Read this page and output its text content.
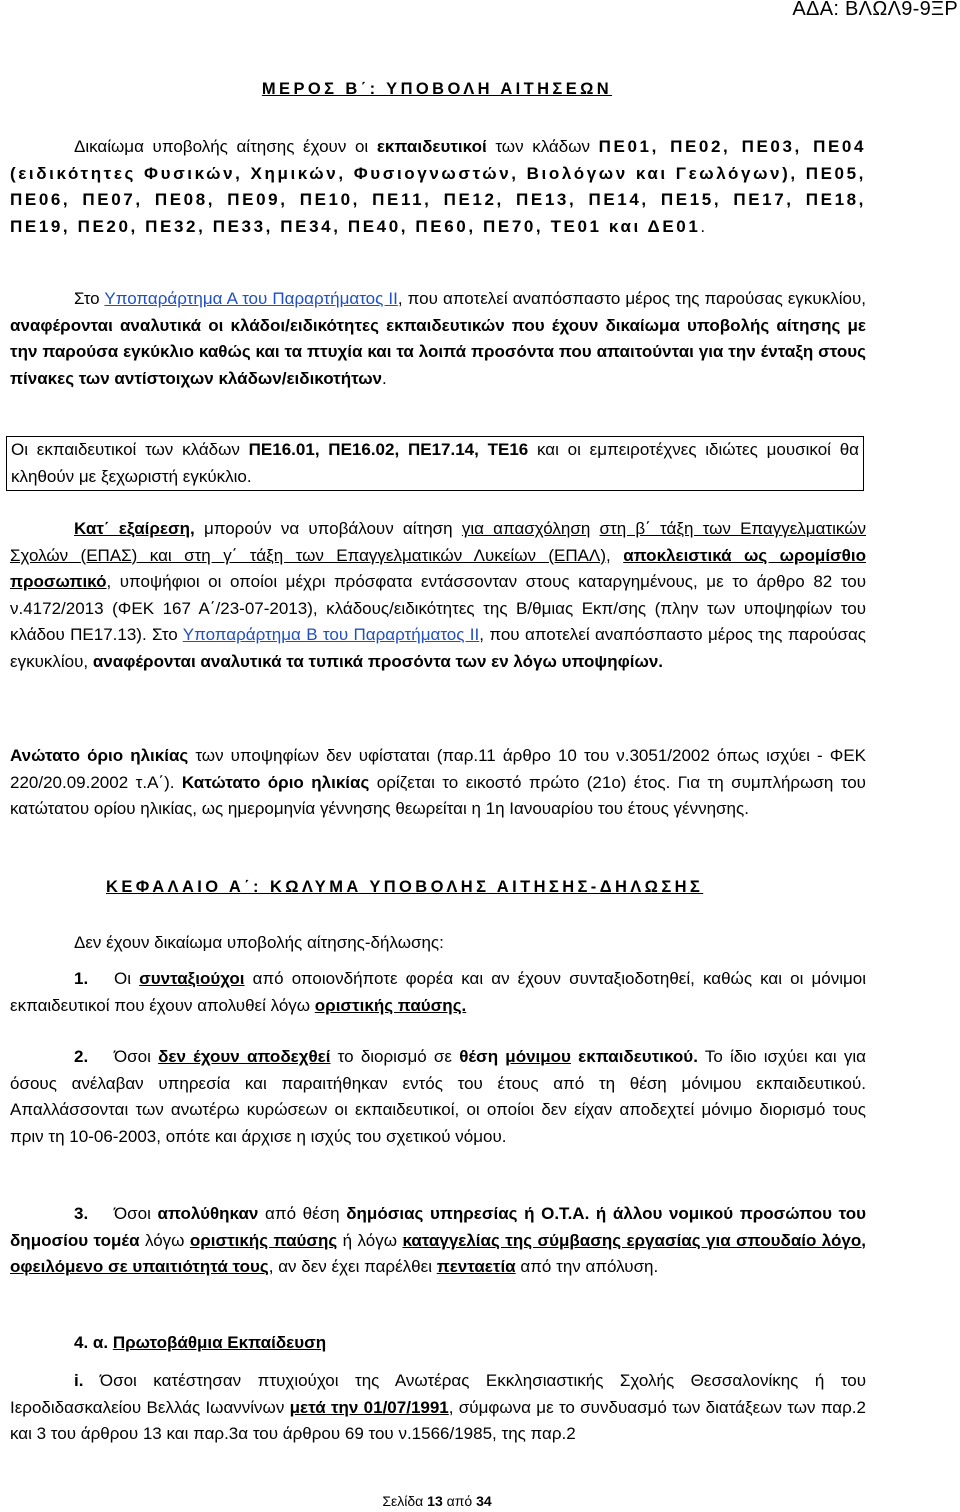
ΑΔΑ: ΒΛΩΛ9-9ΞΡ
ΜΕΡΟΣ Β΄: ΥΠΟΒΟΛΗ ΑΙΤΗΣΕΩΝ
Δικαίωμα υποβολής αίτησης έχουν οι εκπαιδευτικοί των κλάδων ΠΕ01, ΠΕ02, ΠΕ03, ΠΕ04 (ειδικότητες Φυσικών, Χημικών, Φυσιογνωστών, Βιολόγων και Γεωλόγων), ΠΕ05, ΠΕ06, ΠΕ07, ΠΕ08, ΠΕ09, ΠΕ10, ΠΕ11, ΠΕ12, ΠΕ13, ΠΕ14, ΠΕ15, ΠΕ17, ΠΕ18, ΠΕ19, ΠΕ20, ΠΕ32, ΠΕ33, ΠΕ34, ΠΕ40, ΠΕ60, ΠΕ70, ΤΕ01 και ΔΕ01.
Στο Υποπαράρτημα Α του Παραρτήματος ΙΙ, που αποτελεί αναπόσπαστο μέρος της παρούσας εγκυκλίου, αναφέρονται αναλυτικά οι κλάδοι/ειδικότητες εκπαιδευτικών που έχουν δικαίωμα υποβολής αίτησης με την παρούσα εγκύκλιο καθώς και τα πτυχία και τα λοιπά προσόντα που απαιτούνται για την ένταξη στους πίνακες των αντίστοιχων κλάδων/ειδικοτήτων.
Οι εκπαιδευτικοί των κλάδων ΠΕ16.01, ΠΕ16.02, ΠΕ17.14, ΤΕ16 και οι εμπειροτέχνες ιδιώτες μουσικοί θα κληθούν με ξεχωριστή εγκύκλιο.
Κατ΄ εξαίρεση, μπορούν να υποβάλουν αίτηση για απασχόληση στη β΄ τάξη των Επαγγελματικών Σχολών (ΕΠΑΣ) και στη γ΄ τάξη των Επαγγελματικών Λυκείων (ΕΠΑΛ), αποκλειστικά ως ωρομίσθιο προσωπικό, υποψήφιοι οι οποίοι μέχρι πρόσφατα εντάσσονταν στους καταργημένους, με το άρθρο 82 του ν.4172/2013 (ΦΕΚ 167 Α΄/23-07-2013), κλάδους/ειδικότητες της Β/θμιας Εκπ/σης (πλην των υποψηφίων του κλάδου ΠΕ17.13). Στο Υποπαράρτημα Β του Παραρτήματος ΙΙ, που αποτελεί αναπόσπαστο μέρος της παρούσας εγκυκλίου, αναφέρονται αναλυτικά τα τυπικά προσόντα των εν λόγω υποψηφίων.
Ανώτατο όριο ηλικίας των υποψηφίων δεν υφίσταται (παρ.11 άρθρο 10 του ν.3051/2002 όπως ισχύει - ΦΕΚ 220/20.09.2002 τ.Α΄). Κατώτατο όριο ηλικίας ορίζεται το εικοστό πρώτο (21ο) έτος. Για τη συμπλήρωση του κατώτατου ορίου ηλικίας, ως ημερομηνία γέννησης θεωρείται η 1η Ιανουαρίου του έτους γέννησης.
ΚΕΦΑΛΑΙΟ Α΄: ΚΩΛΥΜΑ ΥΠΟΒΟΛΗΣ ΑΙΤΗΣΗΣ-ΔΗΛΩΣΗΣ
Δεν έχουν δικαίωμα υποβολής αίτησης-δήλωσης:
1. Οι συνταξιούχοι από οποιονδήποτε φορέα και αν έχουν συνταξιοδοτηθεί, καθώς και οι μόνιμοι εκπαιδευτικοί που έχουν απολυθεί λόγω οριστικής παύσης.
2. Όσοι δεν έχουν αποδεχθεί το διορισμό σε θέση μόνιμου εκπαιδευτικού. Το ίδιο ισχύει και για όσους ανέλαβαν υπηρεσία και παραιτήθηκαν εντός του έτους από τη θέση μόνιμου εκπαιδευτικού. Απαλλάσσονται των ανωτέρω κυρώσεων οι εκπαιδευτικοί, οι οποίοι δεν είχαν αποδεχτεί μόνιμο διορισμό τους πριν τη 10-06-2003, οπότε και άρχισε η ισχύς του σχετικού νόμου.
3. Όσοι απολύθηκαν από θέση δημόσιας υπηρεσίας ή Ο.Τ.Α. ή άλλου νομικού προσώπου του δημοσίου τομέα λόγω οριστικής παύσης ή λόγω καταγγελίας της σύμβασης εργασίας για σπουδαίο λόγο, οφειλόμενο σε υπαιτιότητά τους, αν δεν έχει παρέλθει πενταετία από την απόλυση.
4. α. Πρωτοβάθμια Εκπαίδευση
i. Όσοι κατέστησαν πτυχιούχοι της Ανωτέρας Εκκλησιαστικής Σχολής Θεσσαλονίκης ή του Ιεροδιδασκαλείου Βελλάς Ιωαννίνων μετά την 01/07/1991, σύμφωνα με το συνδυασμό των διατάξεων των παρ.2 και 3 του άρθρου 13 και παρ.3α του άρθρου 69 του ν.1566/1985, της παρ.2
Σελίδα 13 από 34
